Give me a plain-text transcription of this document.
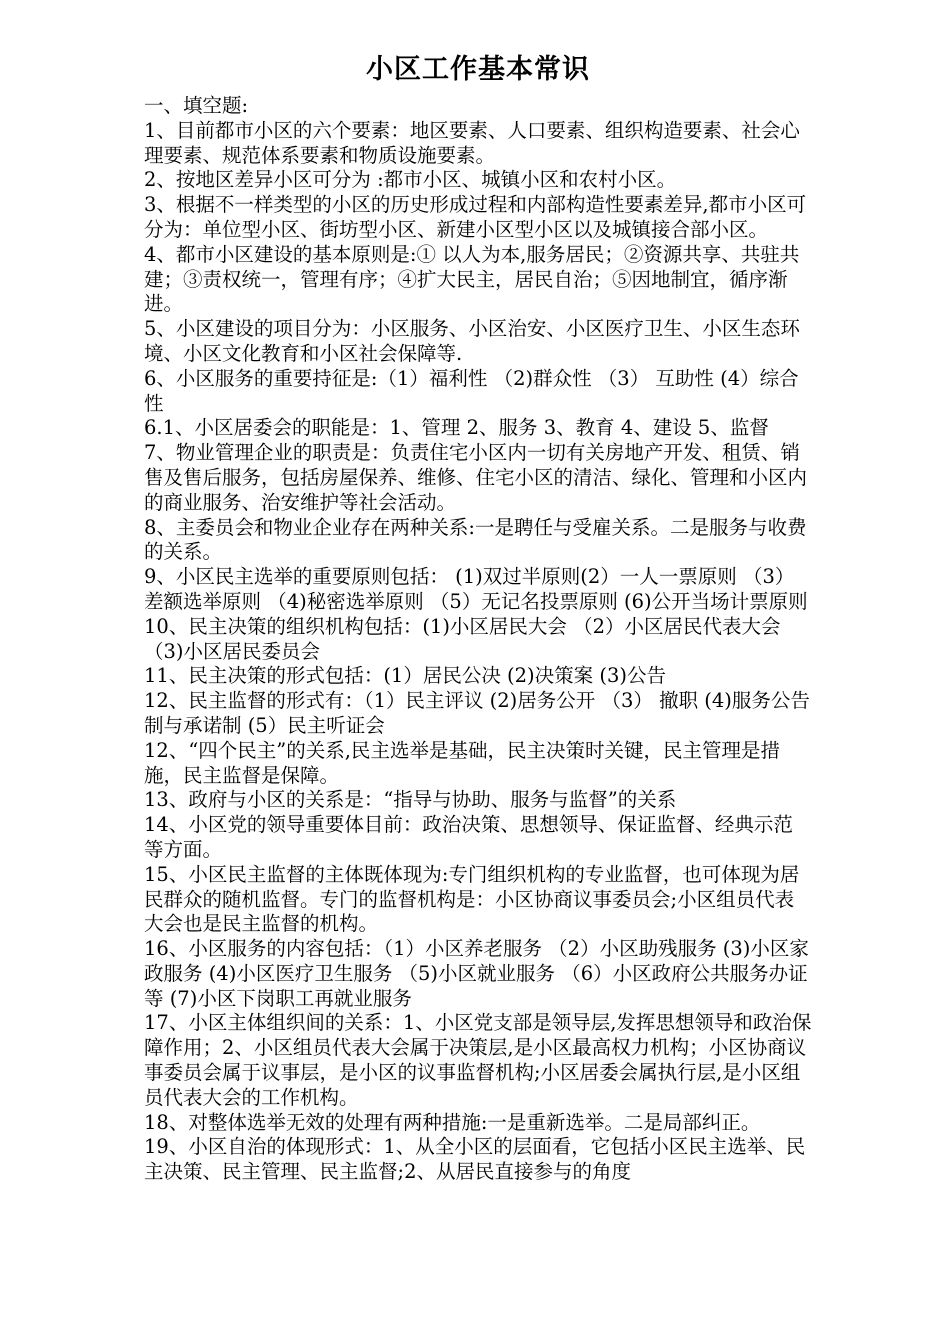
小区工作基本常识

一、填空题:

1、目前都市小区的六个要素：地区要素、人口要素、组织构造要素、社会心理要素、规范体系要素和物质设施要素。

2、按地区差异小区可分为 :都市小区、城镇小区和农村小区。

3、根据不一样类型的小区的历史形成过程和内部构造性要素差异,都市小区可分为：单位型小区、街坊型小区、新建小区型小区以及城镇接合部小区。

4、都市小区建设的基本原则是:① 以人为本,服务居民；②资源共享、共驻共建；③责权统一，管理有序；④扩大民主，居民自治；⑤因地制宜，循序渐进。

5、小区建设的项目分为：小区服务、小区治安、小区医疗卫生、小区生态环境、小区文化教育和小区社会保障等.

6、小区服务的重要持征是:（1）福利性 （2)群众性 （3） 互助性 (4）综合性

6.1、小区居委会的职能是：1、管理 2、服务 3、教育 4、建设 5、监督

7、物业管理企业的职责是：负责住宅小区内一切有关房地产开发、租赁、销售及售后服务，包括房屋保养、维修、住宅小区的清洁、绿化、管理和小区内的商业服务、治安维护等社会活动。

8、主委员会和物业企业存在两种关系:一是聘任与受雇关系。二是服务与收费的关系。

9、小区民主选举的重要原则包括： (1)双过半原则(2）一人一票原则 （3） 差额选举原则 （4)秘密选举原则 （5）无记名投票原则 (6)公开当场计票原则

10、民主决策的组织机构包括：(1)小区居民大会 （2）小区居民代表大会 （3)小区居民委员会

11、民主决策的形式包括：(1）居民公决 (2)决策案 (3)公告

12、民主监督的形式有：（1）民主评议 (2)居务公开 （3） 撤职 (4)服务公告制与承诺制 (5）民主听证会

12、“四个民主”的关系,民主选举是基础，民主决策时关键，民主管理是措施，民主监督是保障。

13、政府与小区的关系是：“指导与协助、服务与监督”的关系

14、小区党的领导重要体目前：政治决策、思想领导、保证监督、经典示范等方面。

15、小区民主监督的主体既体现为:专门组织机构的专业监督，也可体现为居民群众的随机监督。专门的监督机构是：小区协商议事委员会;小区组员代表大会也是民主监督的机构。

16、小区服务的内容包括：（1）小区养老服务 （2）小区助残服务 (3)小区家政服务 (4)小区医疗卫生服务 （5)小区就业服务 （6）小区政府公共服务办证等 (7)小区下岗职工再就业服务

17、小区主体组织间的关系：1、小区党支部是领导层,发挥思想领导和政治保障作用；2、小区组员代表大会属于决策层,是小区最高权力机构；小区协商议事委员会属于议事层，是小区的议事监督机构;小区居委会属执行层,是小区组员代表大会的工作机构。

18、对整体选举无效的处理有两种措施:一是重新选举。二是局部纠正。

19、小区自治的体现形式：1、从全小区的层面看，它包括小区民主选举、民主决策、民主管理、民主监督;2、从居民直接参与的角度
